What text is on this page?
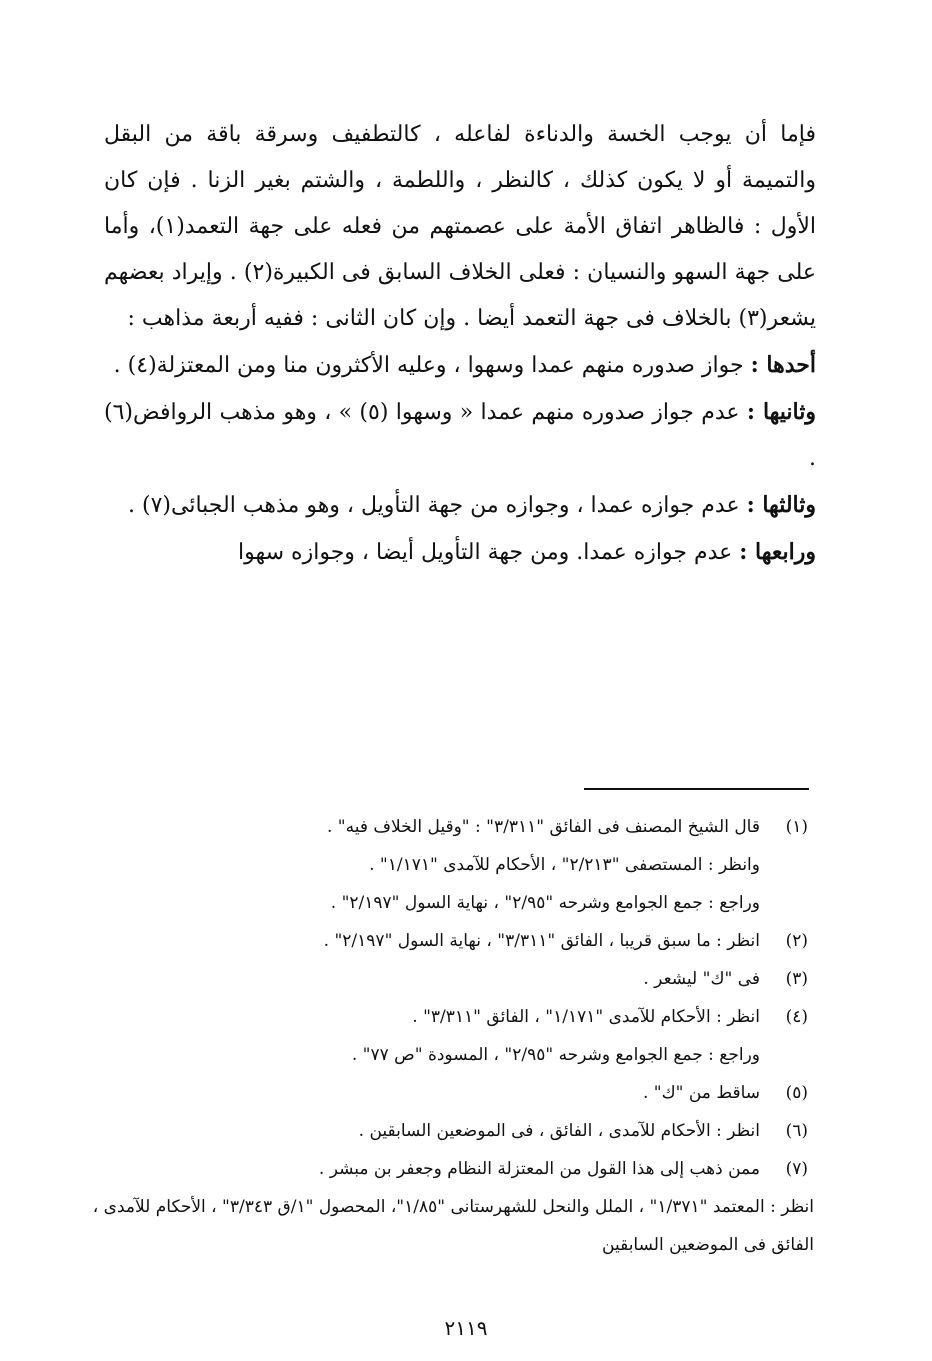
فإما أن يوجب الخسة والدناءة لفاعله ، كالتطفيف وسرقة باقة من البقل والتميمة أو لا يكون كذلك ، كالنظر ، واللطمة ، والشتم بغير الزنا . فإن كان الأول : فالظاهر اتفاق الأمة على عصمتهم من فعله على جهة التعمد(١)، وأما على جهة السهو والنسيان : فعلى الخلاف السابق فى الكبيرة(٢) . وإيراد بعضهم يشعر(٣) بالخلاف فى جهة التعمد أيضا . وإن كان الثانى : ففيه أربعة مذاهب :

أحدها : جواز صدوره منهم عمدا وسهوا ، وعليه الأكثرون منا ومن المعتزلة(٤) .

وثانيها : عدم جواز صدوره منهم عمدا « وسهوا (٥) » ، وهو مذهب الروافض(٦) .

وثالثها : عدم جوازه عمدا ، وجوازه من جهة التأويل ، وهو مذهب الجبائى(٧) .

ورابعها : عدم جوازه عمدا. ومن جهة التأويل أيضا ، وجوازه سهوا

(١)
قال الشيخ المصنف فى الفائق "٣/٣١١" : "وقيل الخلاف فيه" .
وانظر : المستصفى "٢/٢١٣" ، الأحكام للآمدى "١/١٧١" .
وراجع : جمع الجوامع وشرحه "٢/٩٥" ، نهاية السول "٢/١٩٧" .
(٢)
انظر : ما سبق قريبا ، الفائق "٣/٣١١" ، نهاية السول "٢/١٩٧" .
(٣)
فى "ك" ليشعر .
(٤)
انظر : الأحكام للآمدى "١/١٧١" ، الفائق "٣/٣١١" .
وراجع : جمع الجوامع وشرحه "٢/٩٥" ، المسودة "ص ٧٧" .
(٥)
ساقط من "ك" .
(٦)
انظر : الأحكام للآمدى ، الفائق ، فى الموضعين السابقين .
(٧)
ممن ذهب إلى هذا القول من المعتزلة النظام وجعفر بن مبشر .
انظر : المعتمد "١/٣٧١" ، الملل والنحل للشهرستانى "١/٨٥"، المحصول "١/ق ٣/٣٤٣" ، الأحكام للآمدى ، الفائق فى الموضعين السابقين
٢١١٩
